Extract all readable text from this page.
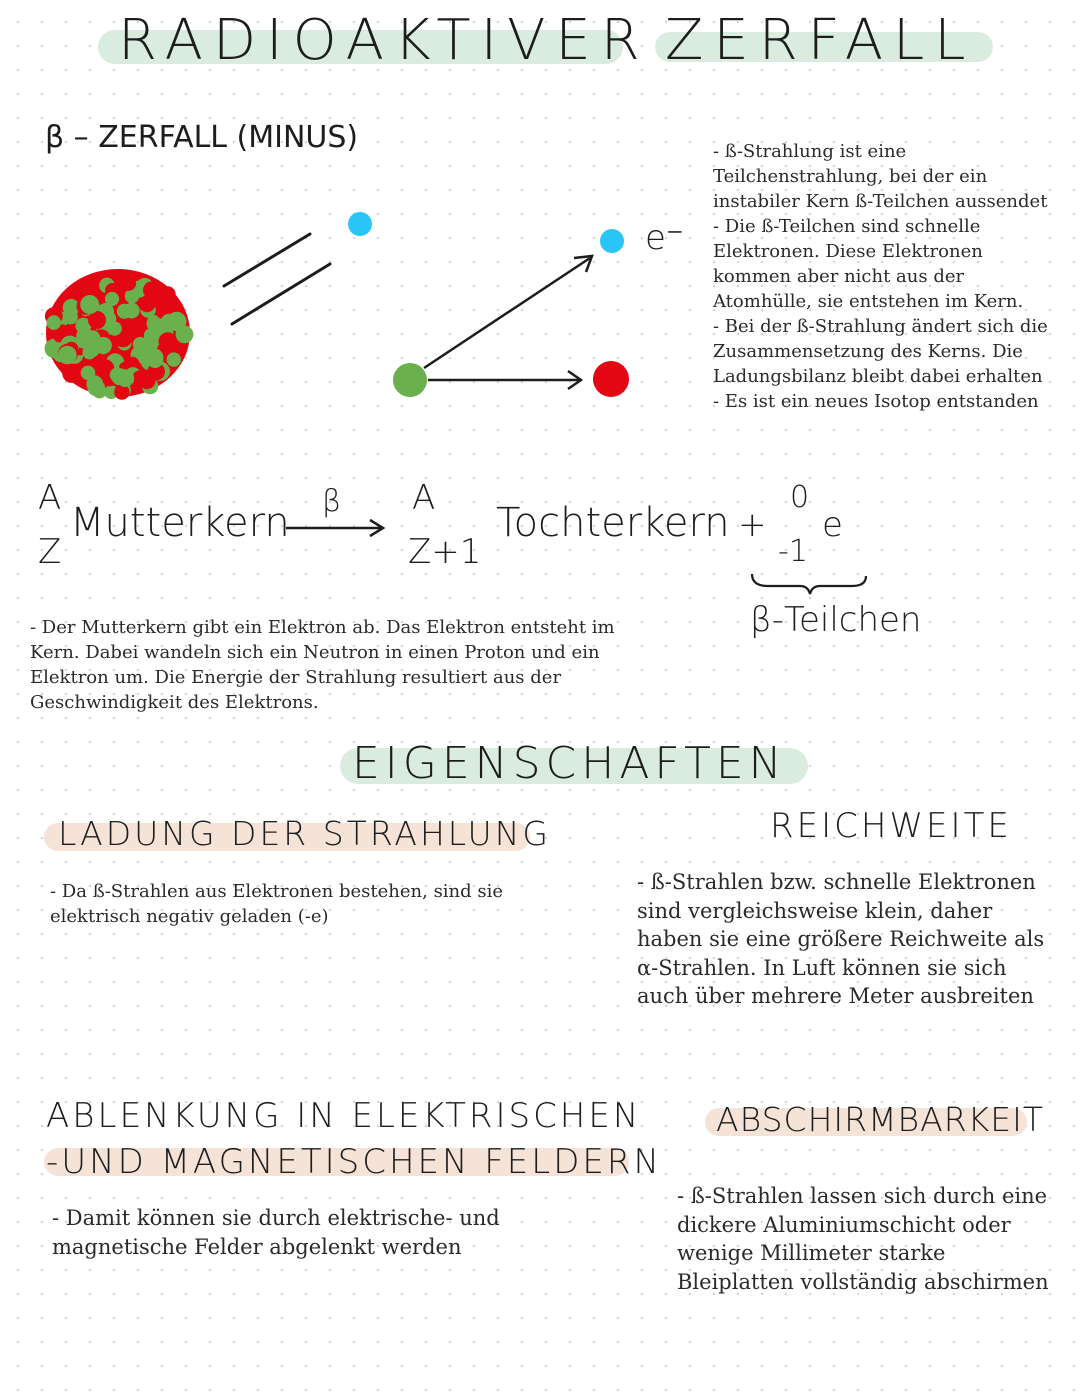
RADIOAKTIVER ZERFALL
β – ZERFALL (MINUS)
e⁻

- ß-Strahlung ist eine Teilchenstrahlung, bei der ein instabiler Kern ß-Teilchen aussendet

- Die ß-Teilchen sind schnelle Elektronen. Diese Elektronen kommen aber nicht aus der Atomhülle, sie entstehen im Kern.

- Bei der ß-Strahlung ändert sich die Zusammensetzung des Kerns. Die Ladungsbilanz bleibt dabei erhalten

- Es ist ein neues Isotop entstanden

A
Z
Mutterkern β A
Z+1
Tochterkern +
0
-1
e
β-Teilchen

- Der Mutterkern gibt ein Elektron ab. Das Elektron entsteht im Kern. Dabei wandeln sich ein Neutron in einen Proton und ein Elektron um. Die Energie der Strahlung resultiert aus der Geschwindigkeit des Elektrons.

EIGENSCHAFTEN
LADUNG DER STRAHLUNG

- Da ß-Strahlen aus Elektronen bestehen, sind sie elektrisch negativ geladen (-e)

REICHWEITE

- ß-Strahlen bzw. schnelle Elektronen sind vergleichsweise klein, daher haben sie eine größere Reichweite als α-Strahlen. In Luft können sie sich auch über mehrere Meter ausbreiten

ABLENKUNG IN ELEKTRISCHEN
-UND MAGNETISCHEN FELDERN

- Damit können sie durch elektrische- und magnetische Felder abgelenkt werden

ABSCHIRMBARKEIT

- ß-Strahlen lassen sich durch eine dickere Aluminiumschicht oder wenige Millimeter starke Bleiplatten vollständig abschirmen
